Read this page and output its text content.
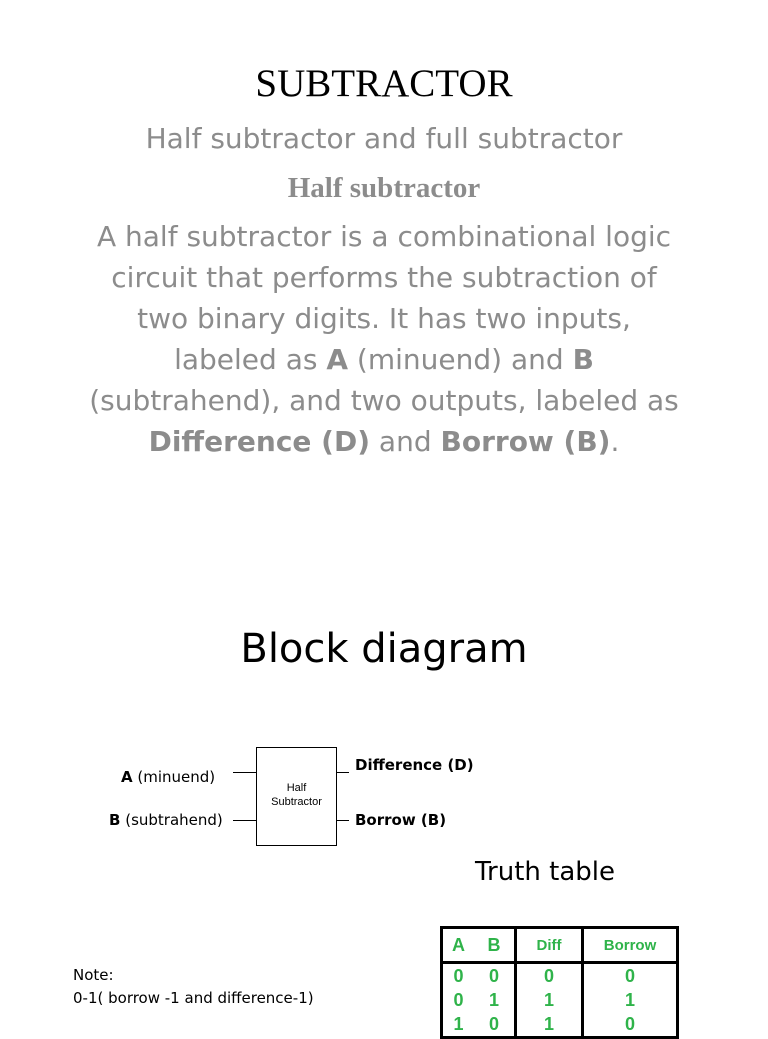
SUBTRACTOR
Half subtractor and full subtractor
Half subtractor
A half subtractor is a combinational logic circuit that performs the subtraction of two binary digits. It has two inputs, labeled as A (minuend) and B (subtrahend), and two outputs, labeled as Difference (D) and Borrow (B).
Block diagram
A (minuend)
B (subtrahend)
Half
Subtractor
Difference (D)
Borrow (B)
Truth table
Note:
0-1( borrow -1 and difference-1)
A	B	Diff	Borrow
0	0	0	0
0	1	1	1
1	0	1	0
